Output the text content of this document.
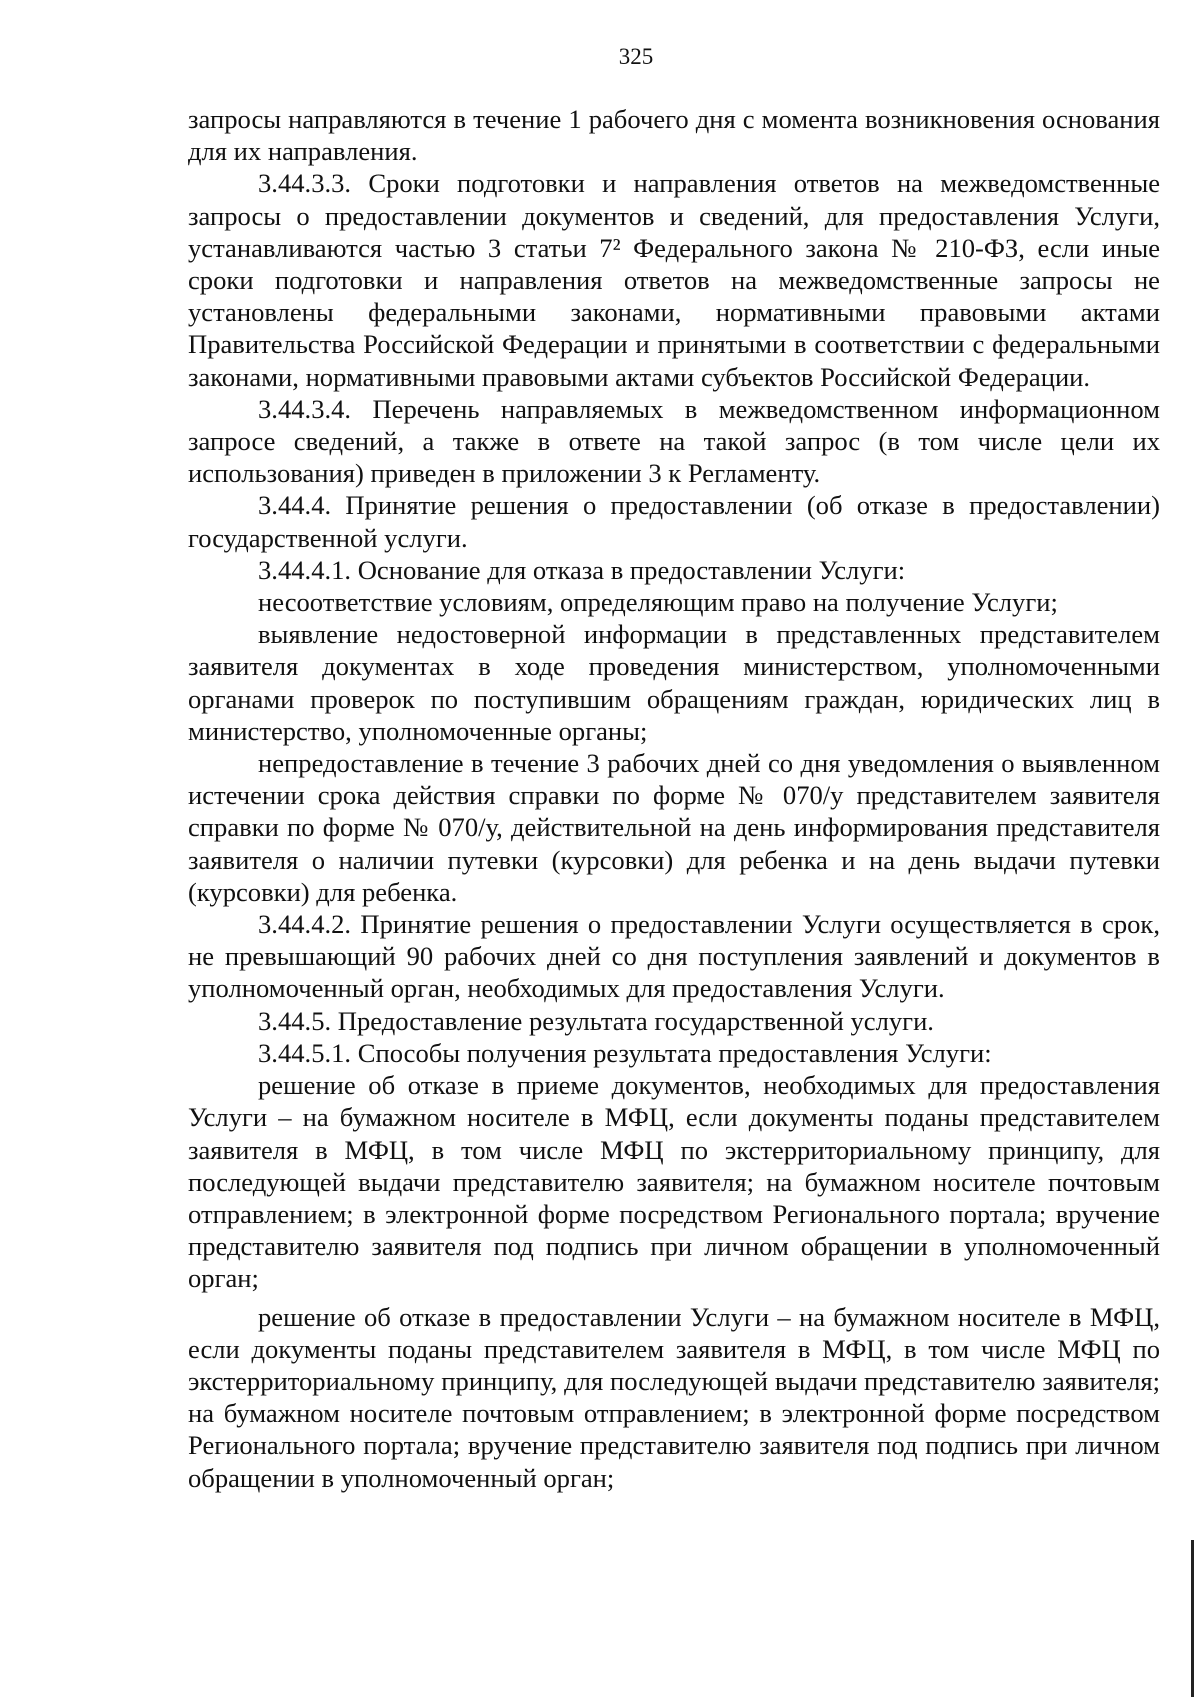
325

запросы направляются в течение 1 рабочего дня с момента возникновения основания для их направления.

3.44.3.3. Сроки подготовки и направления ответов на межведомственные запросы о предоставлении документов и сведений, для предоставления Услуги, устанавливаются частью 3 статьи 7² Федерального закона № 210-ФЗ, если иные сроки подготовки и направления ответов на межведомственные запросы не установлены федеральными законами, нормативными правовыми актами Правительства Российской Федерации и принятыми в соответствии с федеральными законами, нормативными правовыми актами субъектов Российской Федерации.

3.44.3.4. Перечень направляемых в межведомственном информационном запросе сведений, а также в ответе на такой запрос (в том числе цели их использования) приведен в приложении 3 к Регламенту.

3.44.4. Принятие решения о предоставлении (об отказе в предоставлении) государственной услуги.

3.44.4.1. Основание для отказа в предоставлении Услуги:

несоответствие условиям, определяющим право на получение Услуги;

выявление недостоверной информации в представленных представителем заявителя документах в ходе проведения министерством, уполномоченными органами проверок по поступившим обращениям граждан, юридических лиц в министерство, уполномоченные органы;

непредоставление в течение 3 рабочих дней со дня уведомления о выявленном истечении срока действия справки по форме № 070/у представителем заявителя справки по форме № 070/у, действительной на день информирования представителя заявителя о наличии путевки (курсовки) для ребенка и на день выдачи путевки (курсовки) для ребенка.

3.44.4.2. Принятие решения о предоставлении Услуги осуществляется в срок, не превышающий 90 рабочих дней со дня поступления заявлений и документов в уполномоченный орган, необходимых для предоставления Услуги.

3.44.5. Предоставление результата государственной услуги.

3.44.5.1. Способы получения результата предоставления Услуги:

решение об отказе в приеме документов, необходимых для предоставления Услуги – на бумажном носителе в МФЦ, если документы поданы представителем заявителя в МФЦ, в том числе МФЦ по экстерриториальному принципу, для последующей выдачи представителю заявителя; на бумажном носителе почтовым отправлением; в электронной форме посредством Регионального портала; вручение представителю заявителя под подпись при личном обращении в уполномоченный орган;

решение об отказе в предоставлении Услуги – на бумажном носителе в МФЦ, если документы поданы представителем заявителя в МФЦ, в том числе МФЦ по экстерриториальному принципу, для последующей выдачи представителю заявителя; на бумажном носителе почтовым отправлением; в электронной форме посредством Регионального портала; вручение представителю заявителя под подпись при личном обращении в уполномоченный орган;
